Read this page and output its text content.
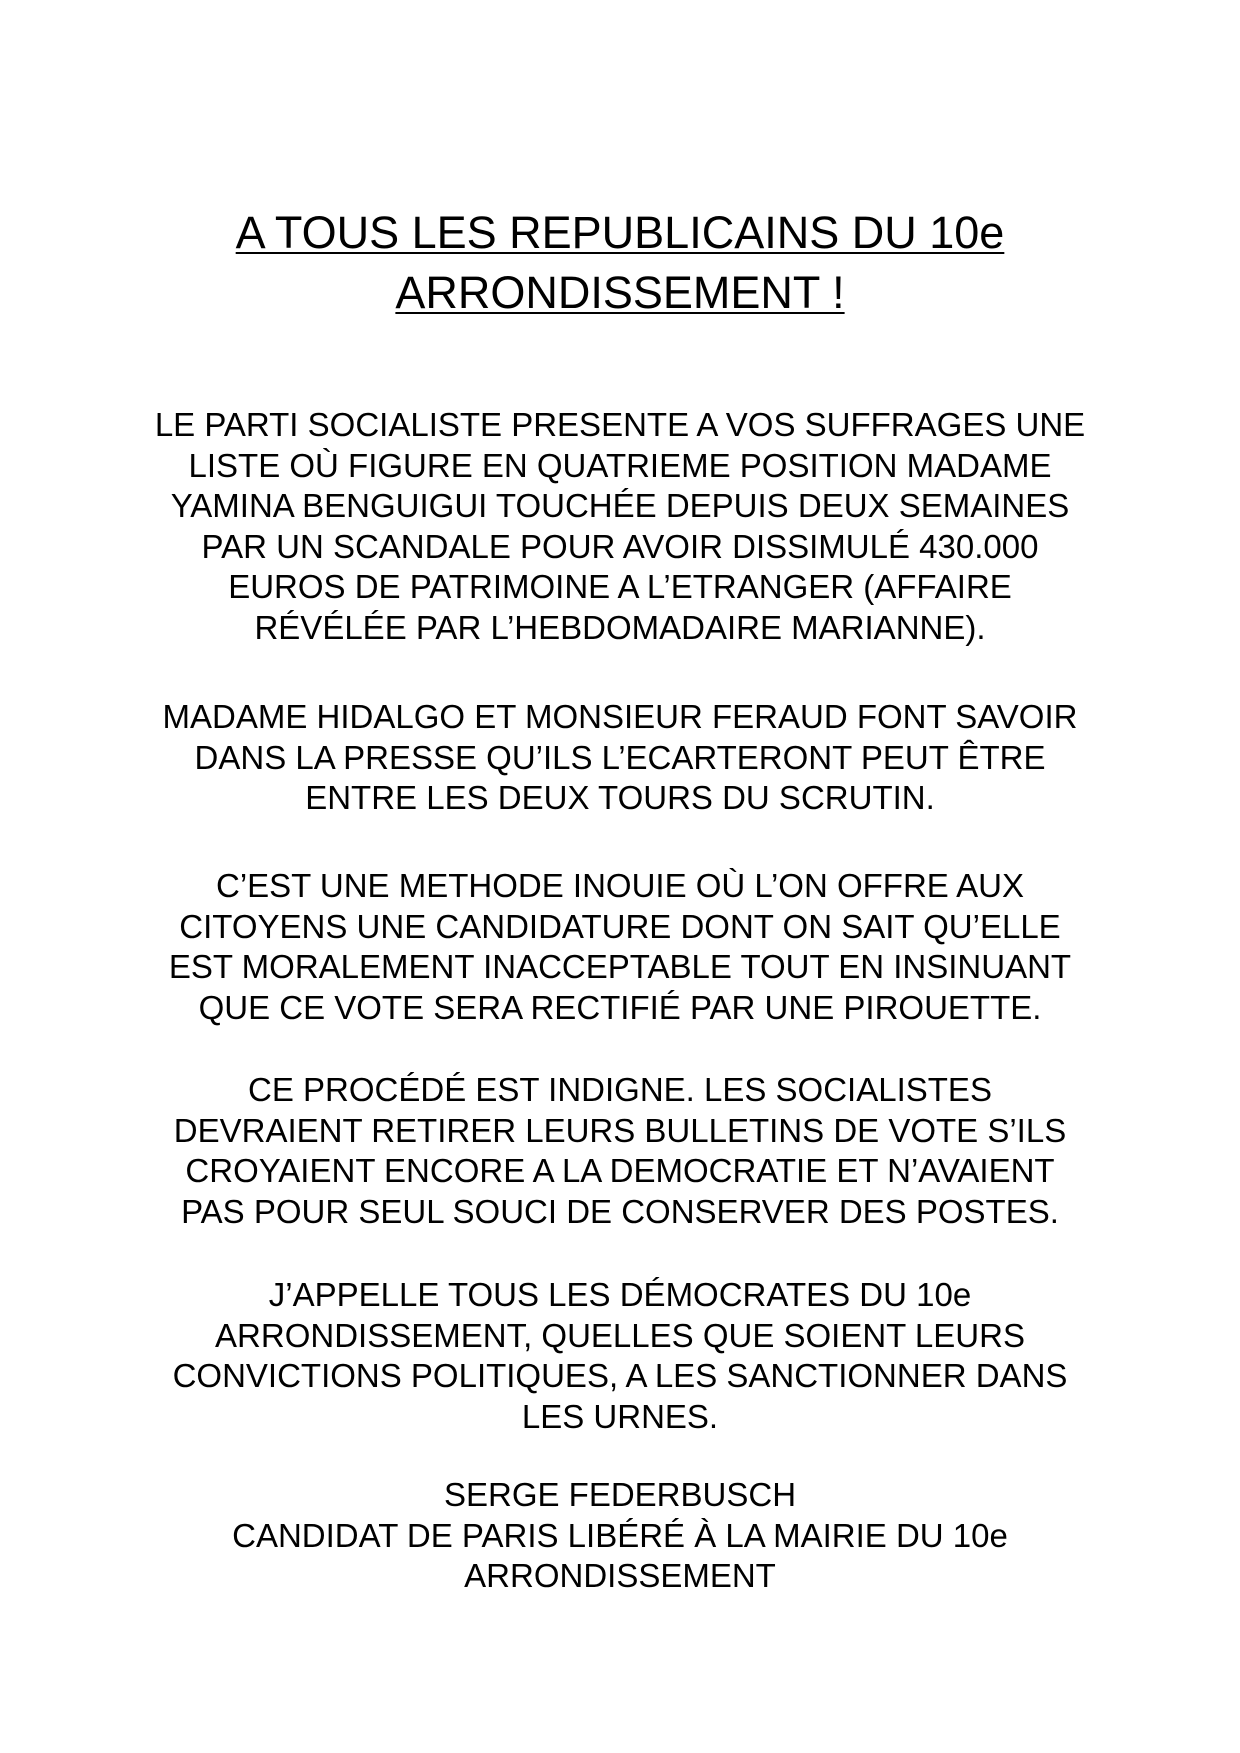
A TOUS LES REPUBLICAINS DU 10e
ARRONDISSEMENT !

LE PARTI SOCIALISTE PRESENTE A VOS SUFFRAGES UNE
LISTE OÙ FIGURE EN QUATRIEME POSITION MADAME
YAMINA BENGUIGUI TOUCHÉE DEPUIS DEUX SEMAINES
PAR UN SCANDALE POUR AVOIR DISSIMULÉ 430.000
EUROS DE PATRIMOINE A L’ETRANGER (AFFAIRE
RÉVÉLÉE PAR L’HEBDOMADAIRE MARIANNE).

MADAME HIDALGO ET MONSIEUR FERAUD FONT SAVOIR
DANS LA PRESSE QU’ILS L’ECARTERONT PEUT ÊTRE
ENTRE LES DEUX TOURS DU SCRUTIN.

C’EST UNE METHODE INOUIE OÙ L’ON OFFRE AUX
CITOYENS UNE CANDIDATURE DONT ON SAIT QU’ELLE
EST MORALEMENT INACCEPTABLE TOUT EN INSINUANT
QUE CE VOTE SERA RECTIFIÉ PAR UNE PIROUETTE.

CE PROCÉDÉ EST INDIGNE. LES SOCIALISTES
DEVRAIENT RETIRER LEURS BULLETINS DE VOTE S’ILS
CROYAIENT ENCORE A LA DEMOCRATIE ET N’AVAIENT
PAS POUR SEUL SOUCI DE CONSERVER DES POSTES.

J’APPELLE TOUS LES DÉMOCRATES DU 10e
ARRONDISSEMENT, QUELLES QUE SOIENT LEURS
CONVICTIONS POLITIQUES, A LES SANCTIONNER DANS
LES URNES.

SERGE FEDERBUSCH
CANDIDAT DE PARIS LIBÉRÉ À LA MAIRIE DU 10e
ARRONDISSEMENT
